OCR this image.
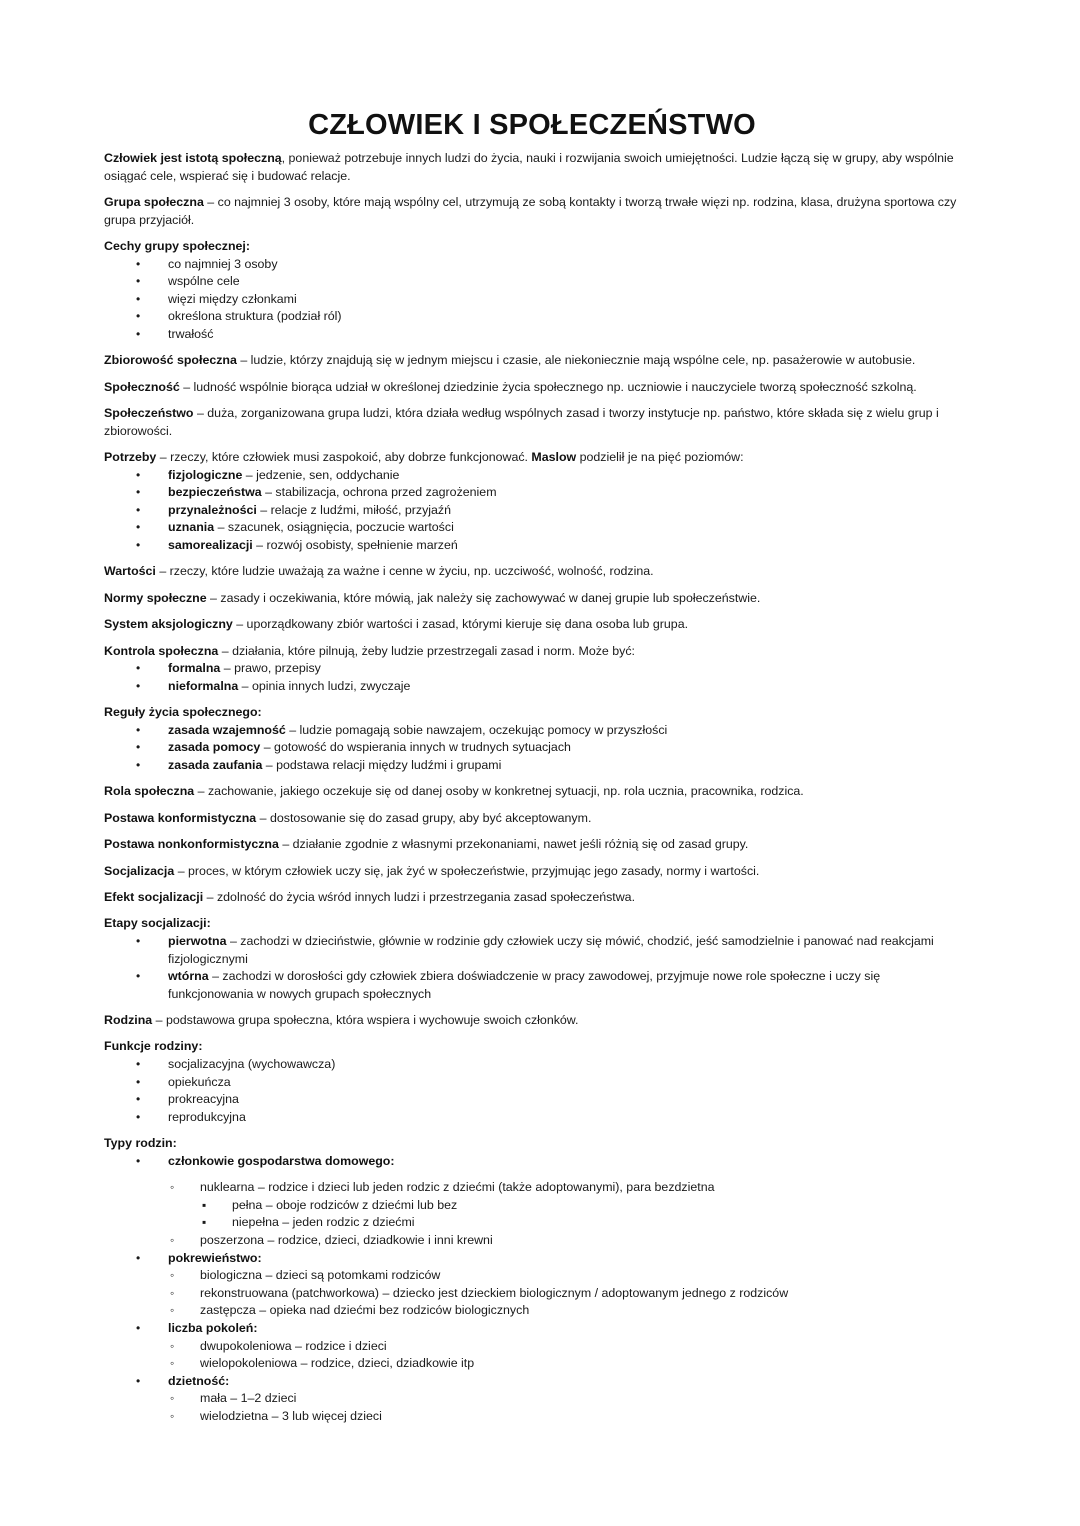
CZŁOWIEK I SPOŁECZEŃSTWO

Człowiek jest istotą społeczną, ponieważ potrzebuje innych ludzi do życia, nauki i rozwijania swoich umiejętności. Ludzie łączą się w grupy, aby wspólnie osiągać cele, wspierać się i budować relacje.

Grupa społeczna – co najmniej 3 osoby, które mają wspólny cel, utrzymują ze sobą kontakty i tworzą trwałe więzi np. rodzina, klasa, drużyna sportowa czy grupa przyjaciół.

Cechy grupy społecznej:
• co najmniej 3 osoby
• wspólne cele
• więzi między członkami
• określona struktura (podział ról)
• trwałość

Zbiorowość społeczna – ludzie, którzy znajdują się w jednym miejscu i czasie, ale niekoniecznie mają wspólne cele, np. pasażerowie w autobusie.

Społeczność – ludność wspólnie biorąca udział w określonej dziedzinie życia społecznego np. uczniowie i nauczyciele tworzą społeczność szkolną.

Społeczeństwo – duża, zorganizowana grupa ludzi, która działa według wspólnych zasad i tworzy instytucje np. państwo, które składa się z wielu grup i zbiorowości.

Potrzeby – rzeczy, które człowiek musi zaspokoić, aby dobrze funkcjonować. Maslow podzielił je na pięć poziomów:
• fizjologiczne – jedzenie, sen, oddychanie
• bezpieczeństwa – stabilizacja, ochrona przed zagrożeniem
• przynależności – relacje z ludźmi, miłość, przyjaźń
• uznania – szacunek, osiągnięcia, poczucie wartości
• samorealizacji – rozwój osobisty, spełnienie marzeń

Wartości – rzeczy, które ludzie uważają za ważne i cenne w życiu, np. uczciwość, wolność, rodzina.

Normy społeczne – zasady i oczekiwania, które mówią, jak należy się zachowywać w danej grupie lub społeczeństwie.

System aksjologiczny – uporządkowany zbiór wartości i zasad, którymi kieruje się dana osoba lub grupa.

Kontrola społeczna – działania, które pilnują, żeby ludzie przestrzegali zasad i norm. Może być:
• formalna – prawo, przepisy
• nieformalna – opinia innych ludzi, zwyczaje
Reguły życia społecznego:
• zasada wzajemność – ludzie pomagają sobie nawzajem, oczekując pomocy w przyszłości
• zasada pomocy – gotowość do wspierania innych w trudnych sytuacjach
• zasada zaufania – podstawa relacji między ludźmi i grupami

Rola społeczna – zachowanie, jakiego oczekuje się od danej osoby w konkretnej sytuacji, np. rola ucznia, pracownika, rodzica.

Postawa konformistyczna – dostosowanie się do zasad grupy, aby być akceptowanym.

Postawa nonkonformistyczna – działanie zgodnie z własnymi przekonaniami, nawet jeśli różnią się od zasad grupy.

Socjalizacja – proces, w którym człowiek uczy się, jak żyć w społeczeństwie, przyjmując jego zasady, normy i wartości.

Efekt socjalizacji – zdolność do życia wśród innych ludzi i przestrzegania zasad społeczeństwa.

Etapy socjalizacji:
• pierwotna – zachodzi w dzieciństwie, głównie w rodzinie gdy człowiek uczy się mówić, chodzić, jeść samodzielnie i panować nad reakcjami fizjologicznymi
• wtórna – zachodzi w dorosłości gdy człowiek zbiera doświadczenie w pracy zawodowej, przyjmuje nowe role społeczne i uczy się funkcjonowania w nowych grupach społecznych

Rodzina – podstawowa grupa społeczna, która wspiera i wychowuje swoich członków.

Funkcje rodziny:
• socjalizacyjna (wychowawcza)
• opiekuńcza
• prokreacyjna
• reprodukcyjna
Typy rodzin:
• członkowie gospodarstwa domowego:
◦ nuklearna – rodzice i dzieci lub jeden rodzic z dziećmi (także adoptowanymi), para bezdzietna
▪ pełna – oboje rodziców z dziećmi lub bez
▪ niepełna – jeden rodzic z dziećmi
◦ poszerzona – rodzice, dzieci, dziadkowie i inni krewni
• pokrewieństwo:
◦ biologiczna – dzieci są potomkami rodziców
◦ rekonstruowana (patchworkowa) – dziecko jest dzieckiem biologicznym / adoptowanym jednego z rodziców
◦ zastępcza – opieka nad dziećmi bez rodziców biologicznych
• liczba pokoleń:
◦ dwupokoleniowa – rodzice i dzieci
◦ wielopokoleniowa – rodzice, dzieci, dziadkowie itp
• dzietność:
◦ mała – 1–2 dzieci
◦ wielodzietna – 3 lub więcej dzieci
